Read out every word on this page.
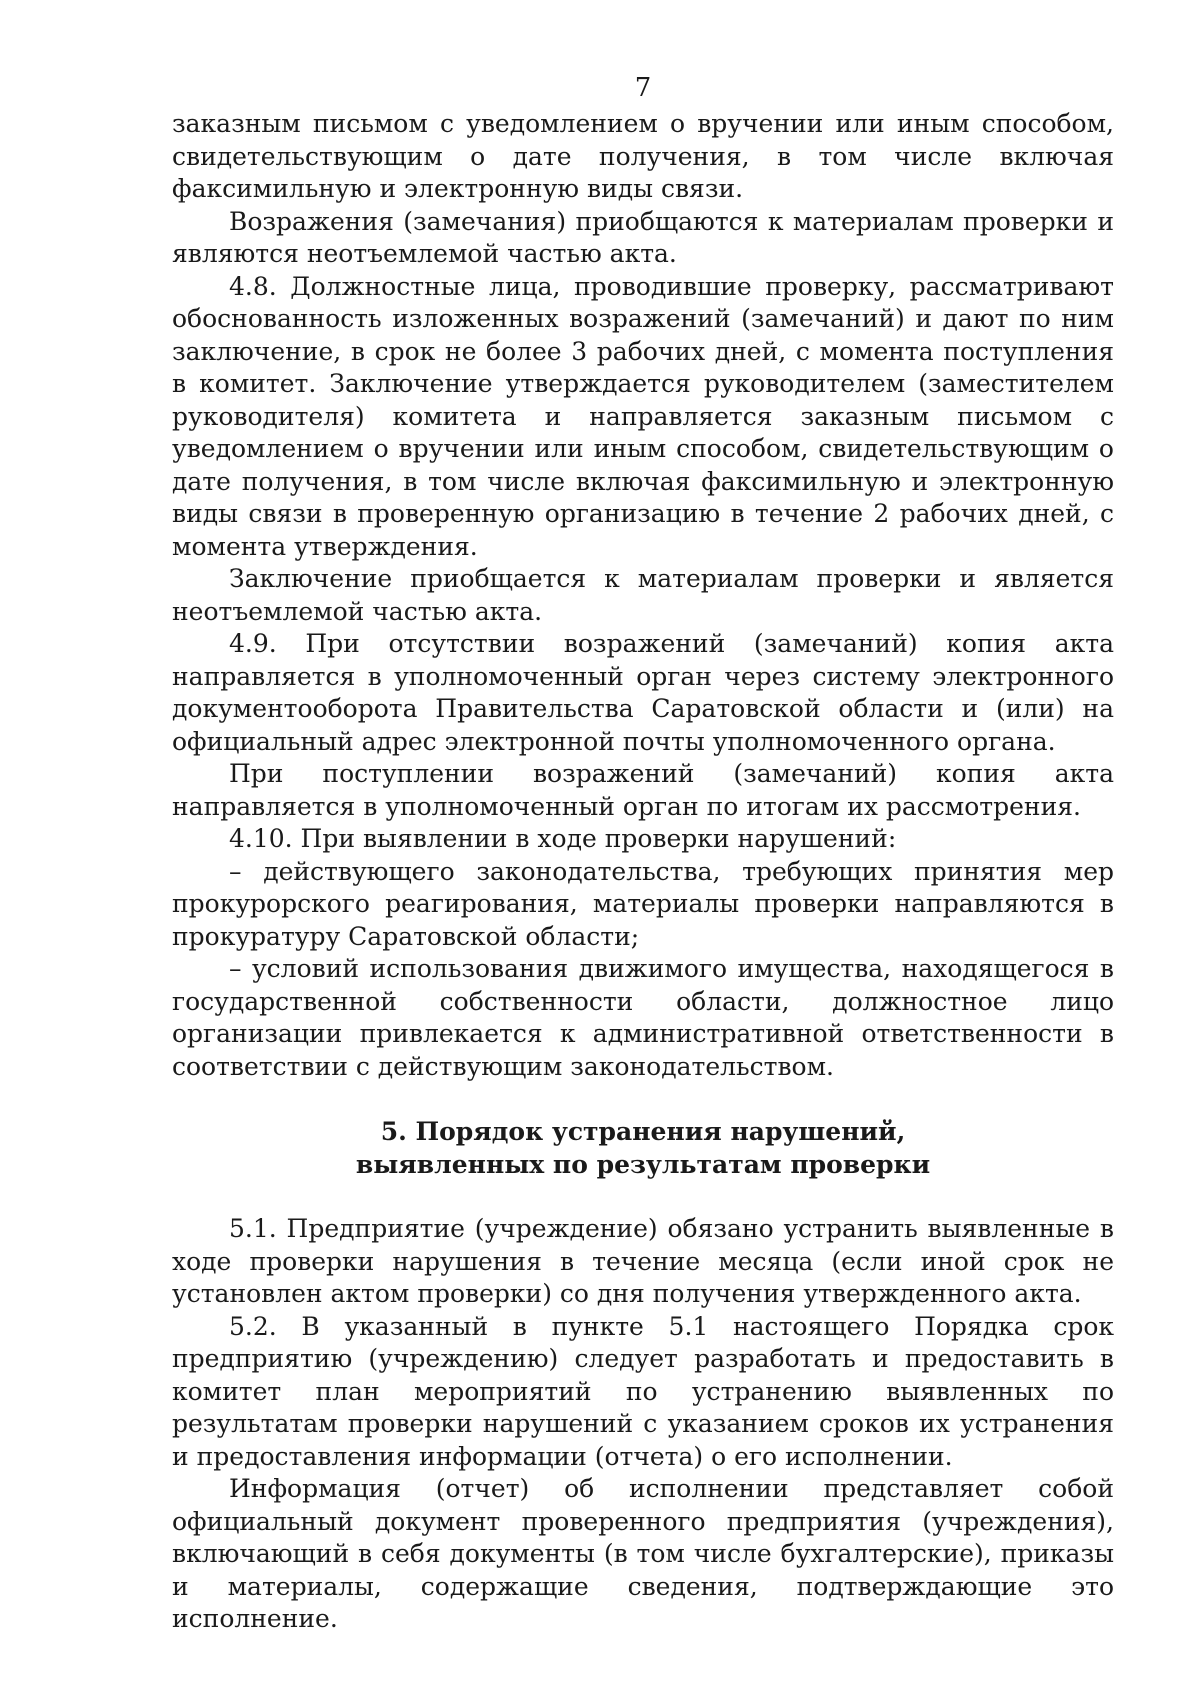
7

заказным письмом с уведомлением о вручении или иным способом, свидетельствующим о дате получения, в том числе включая факсимильную и электронную виды связи.

Возражения (замечания) приобщаются к материалам проверки и являются неотъемлемой частью акта.

4.8. Должностные лица, проводившие проверку, рассматривают обоснованность изложенных возражений (замечаний) и дают по ним заключение, в срок не более 3 рабочих дней, с момента поступления в комитет. Заключение утверждается руководителем (заместителем руководителя) комитета и направляется заказным письмом с уведомлением о вручении или иным способом, свидетельствующим о дате получения, в том числе включая факсимильную и электронную виды связи в проверенную организацию в течение 2 рабочих дней, с момента утверждения.

Заключение приобщается к материалам проверки и является неотъемлемой частью акта.

4.9. При отсутствии возражений (замечаний) копия акта направляется в уполномоченный орган через систему электронного документооборота Правительства Саратовской области и (или) на официальный адрес электронной почты уполномоченного органа.

При поступлении возражений (замечаний) копия акта направляется в уполномоченный орган по итогам их рассмотрения.

4.10. При выявлении в ходе проверки нарушений:

– действующего законодательства, требующих принятия мер прокурорского реагирования, материалы проверки направляются в прокуратуру Саратовской области;

– условий использования движимого имущества, находящегося в государственной собственности области, должностное лицо организации привлекается к административной ответственности в соответствии с действующим законодательством.

5. Порядок устранения нарушений,
выявленных по результатам проверки

5.1. Предприятие (учреждение) обязано устранить выявленные в ходе проверки нарушения в течение месяца (если иной срок не установлен актом проверки) со дня получения утвержденного акта.

5.2. В указанный в пункте 5.1 настоящего Порядка срок предприятию (учреждению) следует разработать и предоставить в комитет план мероприятий по устранению выявленных по результатам проверки нарушений с указанием сроков их устранения и предоставления информации (отчета) о его исполнении.

Информация (отчет) об исполнении представляет собой официальный документ проверенного предприятия (учреждения), включающий в себя документы (в том числе бухгалтерские), приказы и материалы, содержащие сведения, подтверждающие это исполнение.
